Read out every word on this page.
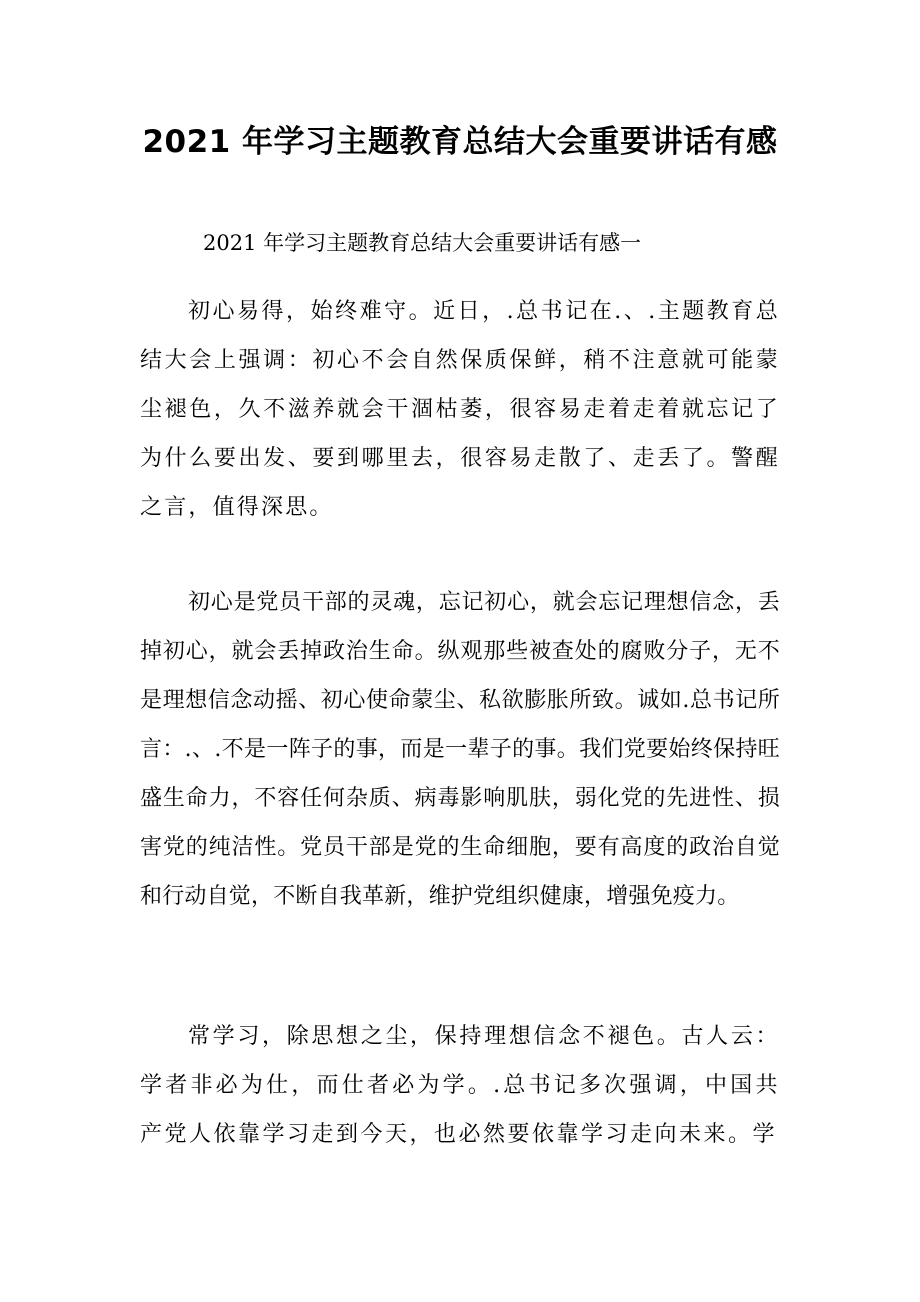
2021 年学习主题教育总结大会重要讲话有感

2021 年学习主题教育总结大会重要讲话有感一

初心易得，始终难守。近日，.总书记在.、.主题教育总结大会上强调：初心不会自然保质保鲜，稍不注意就可能蒙尘褪色，久不滋养就会干涸枯萎，很容易走着走着就忘记了为什么要出发、要到哪里去，很容易走散了、走丢了。警醒之言，值得深思。

初心是党员干部的灵魂，忘记初心，就会忘记理想信念，丢掉初心，就会丢掉政治生命。纵观那些被查处的腐败分子，无不是理想信念动摇、初心使命蒙尘、私欲膨胀所致。诚如.总书记所言：.、.不是一阵子的事，而是一辈子的事。我们党要始终保持旺盛生命力，不容任何杂质、病毒影响肌肤，弱化党的先进性、损害党的纯洁性。党员干部是党的生命细胞，要有高度的政治自觉和行动自觉，不断自我革新，维护党组织健康，增强免疫力。

常学习，除思想之尘，保持理想信念不褪色。古人云：学者非必为仕，而仕者必为学。.总书记多次强调，中国共产党人依靠学习走到今天，也必然要依靠学习走向未来。学
